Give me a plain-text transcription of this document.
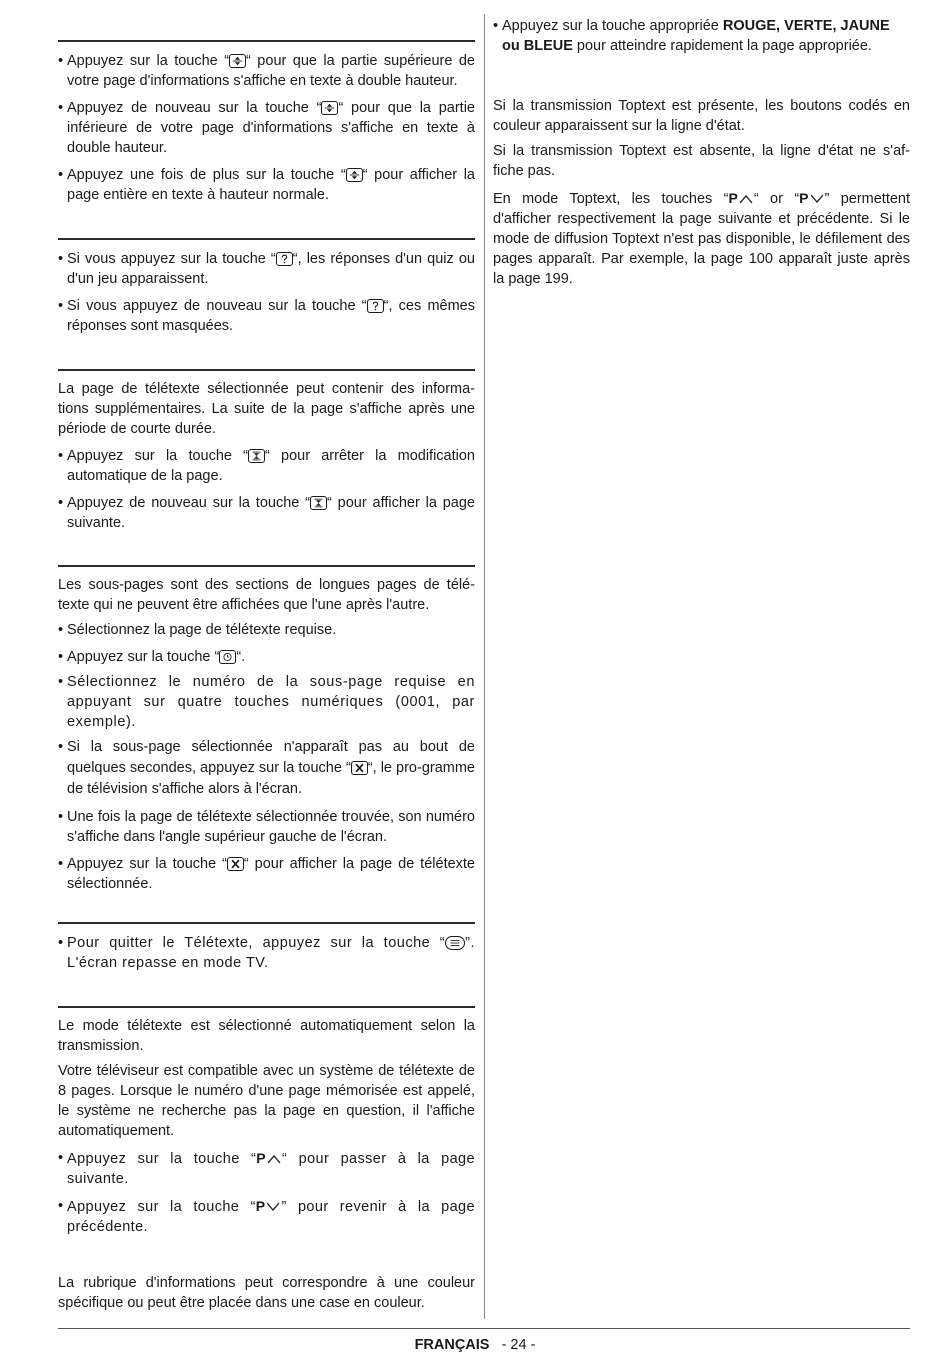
• Appuyez sur la touche “ “ pour que la partie supérieure de votre page d'informations s'affiche en texte à double hauteur.

• Appuyez de nouveau sur la touche “ “ pour que la partie inférieure de votre page d'informations s'affiche en texte à double hauteur.

• Appuyez une fois de plus sur la touche “ “ pour afficher la page entière en texte à hauteur normale.

• Si vous appuyez sur la touche “ “, les réponses d'un quiz ou d'un jeu apparaissent.

• Si vous appuyez de nouveau sur la touche “ “, ces mêmes réponses sont masquées.

La page de télétexte sélectionnée peut contenir des informa-tions supplémentaires. La suite de la page s'affiche après une période de courte durée.

• Appuyez sur la touche “ “ pour arrêter la modification automatique de la page.

• Appuyez de nouveau sur la touche “ “ pour afficher la page suivante.

Les sous-pages sont des sections de longues pages de télé-texte qui ne peuvent être affichées que l'une après l'autre.

• Sélectionnez la page de télétexte requise.

• Appuyez sur la touche “ “.

• Sélectionnez le numéro de la sous-page requise en appuyant sur quatre touches numériques (0001, par exemple).

• Si la sous-page sélectionnée n'apparaît pas au bout de quelques secondes, appuyez sur la touche “ “, le pro-gramme de télévision s'affiche alors à l'écran.

• Une fois la page de télétexte sélectionnée trouvée, son numéro s'affiche dans l'angle supérieur gauche de l'écran.

• Appuyez sur la touche “ “ pour afficher la page de télétexte sélectionnée.

• Pour quitter le Télétexte, appuyez sur la touche “ ”. L'écran repasse en mode TV.

Le mode télétexte est sélectionné automatiquement selon la transmission.

Votre téléviseur est compatible avec un système de télétexte de 8 pages. Lorsque le numéro d'une page mémorisée est appelé, le système ne recherche pas la page en question, il l'affiche automatiquement.

• Appuyez sur la touche “P “ pour passer à la page suivante.

• Appuyez sur la touche “P ” pour revenir à la page précédente.

La rubrique d'informations peut correspondre à une couleur spécifique ou peut être placée dans une case en couleur.

• Appuyez sur la touche appropriée ROUGE, VERTE, JAUNE ou BLEUE pour atteindre rapidement la page appropriée.

Si la transmission Toptext est présente, les boutons codés en couleur apparaissent sur la ligne d'état.

Si la transmission Toptext est absente, la ligne d'état ne s'af-fiche pas.

En mode Toptext, les touches “P “ or “P ” permettent d'afficher respectivement la page suivante et précédente. Si le mode de diffusion Toptext n'est pas disponible, le défilement des pages apparaît. Par exemple, la page 100 apparaît juste après la page 199.

FRANÇAIS - 24 -
